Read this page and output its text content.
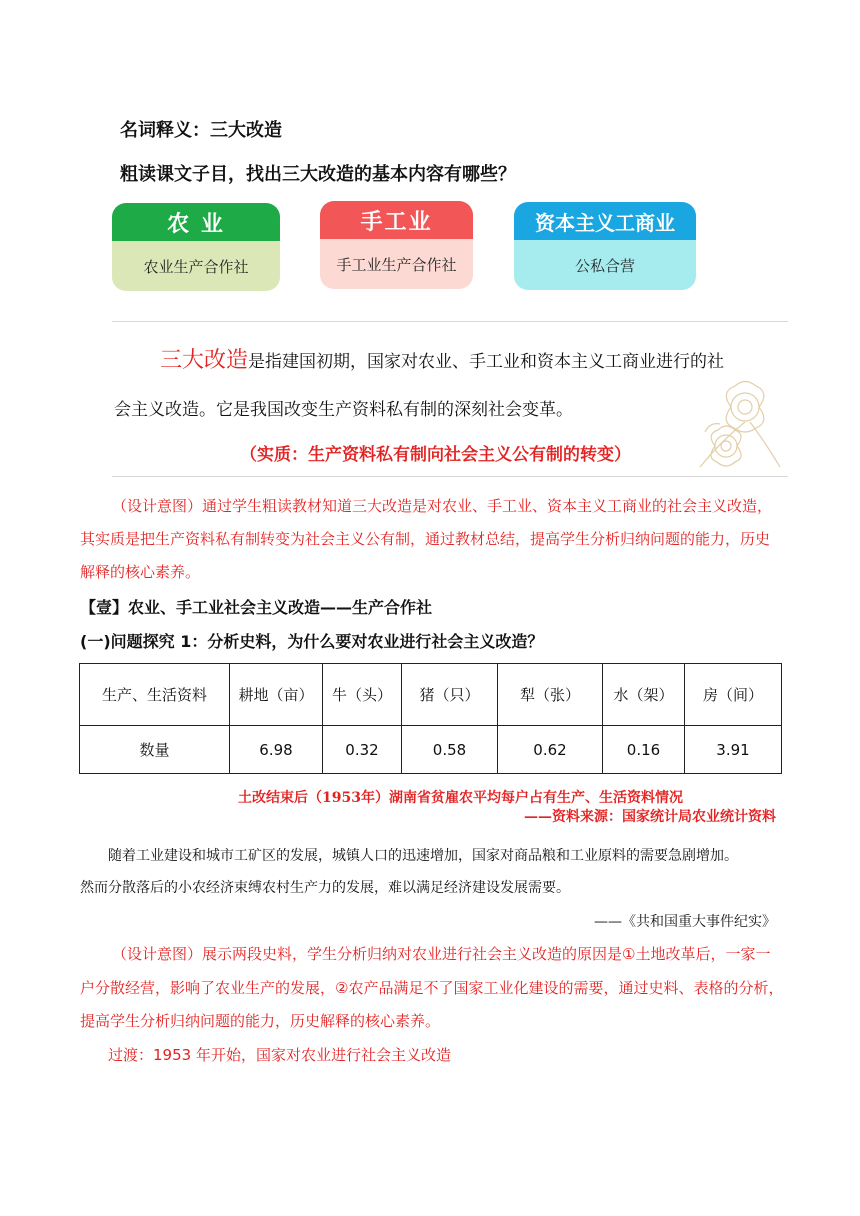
名词释义：三大改造
粗读课文子目，找出三大改造的基本内容有哪些？
农 业
农业生产合作社
手工业
手工业生产合作社
资本主义工商业
公私合营
三大改造是指建国初期，国家对农业、手工业和资本主义工商业进行的社
会主义改造。它是我国改变生产资料私有制的深刻社会变革。
（实质：生产资料私有制向社会主义公有制的转变）
（设计意图）通过学生粗读教材知道三大改造是对农业、手工业、资本主义工商业的社会主义改造，
其实质是把生产资料私有制转变为社会主义公有制，通过教材总结，提高学生分析归纳问题的能力，历史
解释的核心素养。
【壹】农业、手工业社会主义改造——生产合作社
(一)问题探究 1：分析史料，为什么要对农业进行社会主义改造？
生产、生活资料	耕地（亩）	牛（头）	猪（只）	犁（张）	水（架）	房（间）
数量	6.98	0.32	0.58	0.62	0.16	3.91
土改结束后（1953年）湖南省贫雇农平均每户占有生产、生活资料情况
——资料来源：国家统计局农业统计资料
随着工业建设和城市工矿区的发展，城镇人口的迅速增加，国家对商品粮和工业原料的需要急剧增加。
然而分散落后的小农经济束缚农村生产力的发展，难以满足经济建设发展需要。
——《共和国重大事件纪实》
（设计意图）展示两段史料，学生分析归纳对农业进行社会主义改造的原因是①土地改革后，一家一
户分散经营，影响了农业生产的发展，②农产品满足不了国家工业化建设的需要，通过史料、表格的分析，
提高学生分析归纳问题的能力，历史解释的核心素养。
过渡：1953 年开始，国家对农业进行社会主义改造
